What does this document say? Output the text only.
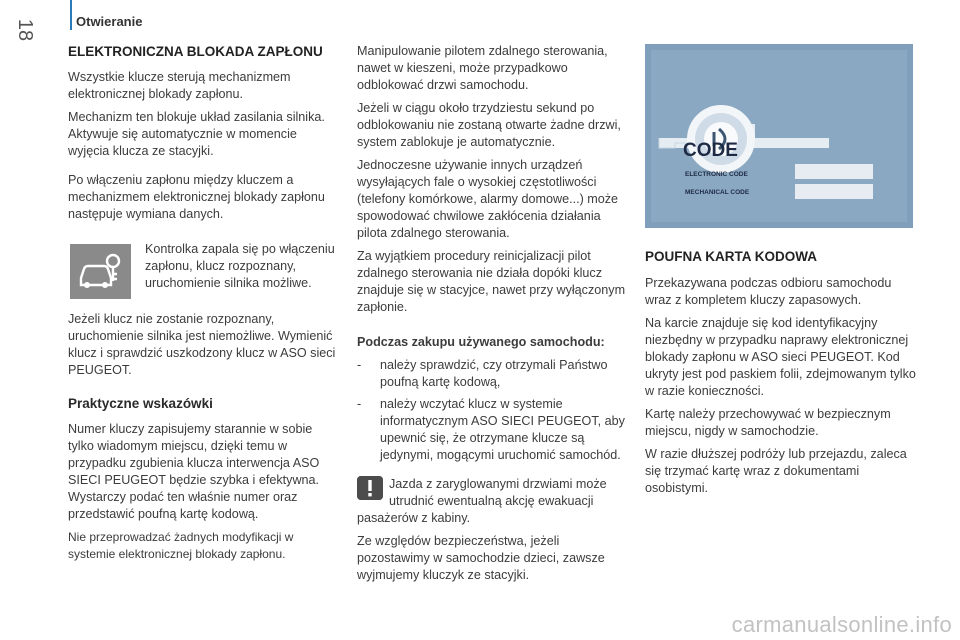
Otwieranie
18
ELEKTRONICZNA BLOKADA ZAPŁONU

Wszystkie klucze sterują mechanizmem elektronicznej blokady zapłonu.

Mechanizm ten blokuje układ zasilania silnika. Aktywuje się automatycznie w momencie wyjęcia klucza ze stacyjki.

Po włączeniu zapłonu między kluczem a mechanizmem elektronicznej blokady zapłonu następuje wymiana danych.

Kontrolka zapala się po włączeniu zapłonu, klucz rozpoznany, uruchomienie silnika możliwe.

Jeżeli klucz nie zostanie rozpoznany, uruchomienie silnika jest niemożliwe. Wymienić klucz i sprawdzić uszkodzony klucz w ASO sieci PEUGEOT.

Praktyczne wskazówki

Numer kluczy zapisujemy starannie w sobie tylko wiadomym miejscu, dzięki temu w przypadku zgubienia klucza interwencja ASO SIECI PEUGEOT będzie szybka i efektywna. Wystarczy podać ten właśnie numer oraz przedstawić poufną kartę kodową.

Nie przeprowadzać żadnych modyfikacji w systemie elektronicznej blokady zapłonu.

Manipulowanie pilotem zdalnego sterowania, nawet w kieszeni, może przypadkowo odblokować drzwi samochodu.

Jeżeli w ciągu około trzydziestu sekund po odblokowaniu nie zostaną otwarte żadne drzwi, system zablokuje je automatycznie.

Jednoczesne używanie innych urządzeń wysyłających fale o wysokiej częstotliwości (telefony komórkowe, alarmy domowe...) może spowodować chwilowe zakłócenia działania pilota zdalnego sterowania.

Za wyjątkiem procedury reinicjalizacji pilot zdalnego sterowania nie działa dopóki klucz znajduje się w stacyjce, nawet przy wyłączonym zapłonie.

Podczas zakupu używanego samochodu:

- należy sprawdzić, czy otrzymali Państwo poufną kartę kodową,
- należy wczytać klucz w systemie informatycznym ASO SIECI PEUGEOT, aby upewnić się, że otrzymane klucze są jedynymi, mogącymi uruchomić samochód.

Jazda z zaryglowanymi drzwiami może utrudnić ewentualną akcję ewakuacji pasażerów z kabiny.

Ze względów bezpieczeństwa, jeżeli pozostawimy w samochodzie dzieci, zawsze wyjmujemy kluczyk ze stacyjki.

CODE
ELECTRONIC CODE
MECHANICAL CODE
POUFNA KARTA KODOWA

Przekazywana podczas odbioru samochodu wraz z kompletem kluczy zapasowych.

Na karcie znajduje się kod identyfikacyjny niezbędny w przypadku naprawy elektronicznej blokady zapłonu w ASO sieci PEUGEOT. Kod ukryty jest pod paskiem folii, zdejmowanym tylko w razie konieczności.

Kartę należy przechowywać w bezpiecznym miejscu, nigdy w samochodzie.

W razie dłuższej podróży lub przejazdu, zaleca się trzymać kartę wraz z dokumentami osobistymi.

carmanualsonline.info
